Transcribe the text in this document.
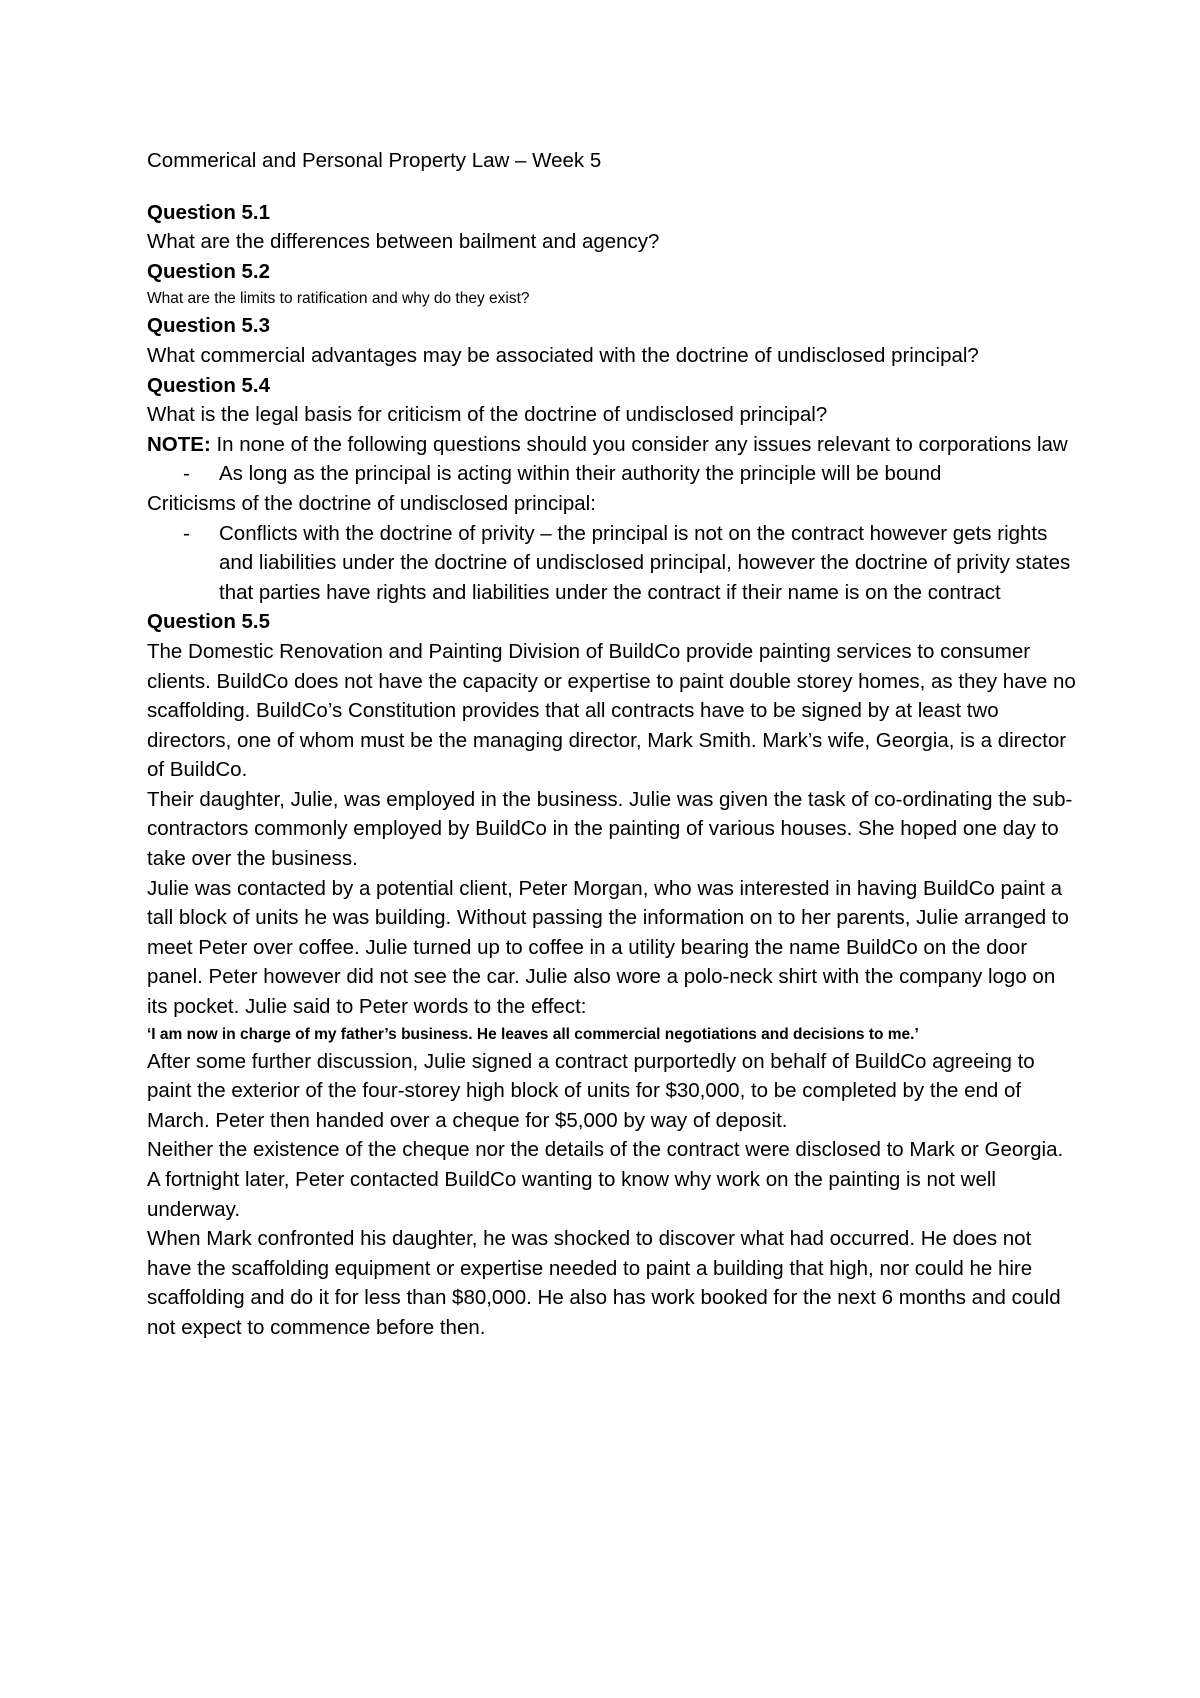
Commerical and Personal Property Law – Week 5

Question 5.1

What are the differences between bailment and agency?

Question 5.2

What are the limits to ratification and why do they exist?

Question 5.3

What commercial advantages may be associated with the doctrine of undisclosed principal?

Question 5.4

What is the legal basis for criticism of the doctrine of undisclosed principal?

NOTE: In none of the following questions should you consider any issues relevant to corporations law

- As long as the principal is acting within their authority the principle will be bound

Criticisms of the doctrine of undisclosed principal:

- Conflicts with the doctrine of privity – the principal is not on the contract however gets rights and liabilities under the doctrine of undisclosed principal, however the doctrine of privity states that parties have rights and liabilities under the contract if their name is on the contract

Question 5.5

The Domestic Renovation and Painting Division of BuildCo provide painting services to consumer clients. BuildCo does not have the capacity or expertise to paint double storey homes, as they have no scaffolding. BuildCo’s Constitution provides that all contracts have to be signed by at least two directors, one of whom must be the managing director, Mark Smith. Mark’s wife, Georgia, is a director of BuildCo.

Their daughter, Julie, was employed in the business. Julie was given the task of co-ordinating the sub-contractors commonly employed by BuildCo in the painting of various houses. She hoped one day to take over the business.

Julie was contacted by a potential client, Peter Morgan, who was interested in having BuildCo paint a tall block of units he was building. Without passing the information on to her parents, Julie arranged to meet Peter over coffee. Julie turned up to coffee in a utility bearing the name BuildCo on the door panel. Peter however did not see the car. Julie also wore a polo-neck shirt with the company logo on its pocket. Julie said to Peter words to the effect:

‘I am now in charge of my father’s business. He leaves all commercial negotiations and decisions to me.’

After some further discussion, Julie signed a contract purportedly on behalf of BuildCo agreeing to paint the exterior of the four-storey high block of units for $30,000, to be completed by the end of March. Peter then handed over a cheque for $5,000 by way of deposit.

Neither the existence of the cheque nor the details of the contract were disclosed to Mark or Georgia.

A fortnight later, Peter contacted BuildCo wanting to know why work on the painting is not well underway.

When Mark confronted his daughter, he was shocked to discover what had occurred. He does not have the scaffolding equipment or expertise needed to paint a building that high, nor could he hire scaffolding and do it for less than $80,000. He also has work booked for the next 6 months and could not expect to commence before then.
